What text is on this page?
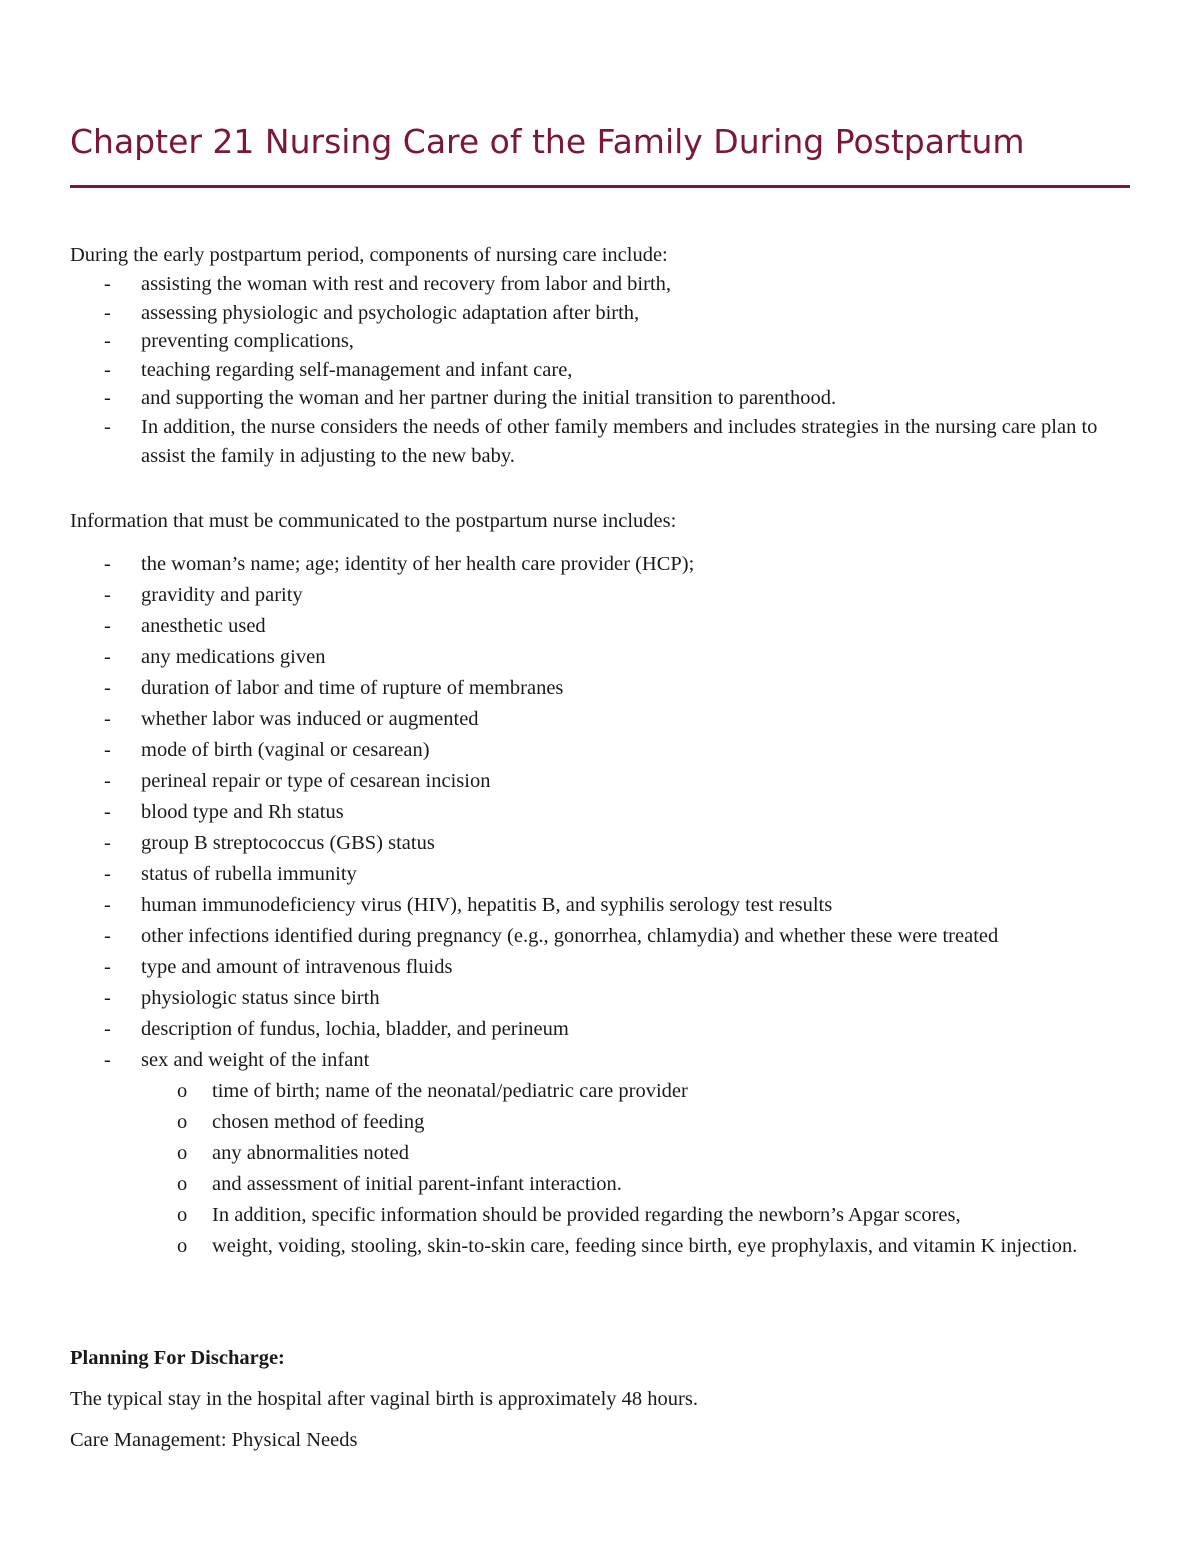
Chapter 21 Nursing Care of the Family During Postpartum

During the early postpartum period, components of nursing care include:

- assisting the woman with rest and recovery from labor and birth,
- assessing physiologic and psychologic adaptation after birth,
- preventing complications,
- teaching regarding self-management and infant care,
- and supporting the woman and her partner during the initial transition to parenthood.
- In addition, the nurse considers the needs of other family members and includes strategies in the nursing care plan to assist the family in adjusting to the new baby.

Information that must be communicated to the postpartum nurse includes:

- the woman’s name; age; identity of her health care provider (HCP);
- gravidity and parity
- anesthetic used
- any medications given
- duration of labor and time of rupture of membranes
- whether labor was induced or augmented
- mode of birth (vaginal or cesarean)
- perineal repair or type of cesarean incision
- blood type and Rh status
- group B streptococcus (GBS) status
- status of rubella immunity
- human immunodeficiency virus (HIV), hepatitis B, and syphilis serology test results
- other infections identified during pregnancy (e.g., gonorrhea, chlamydia) and whether these were treated
- type and amount of intravenous fluids
- physiologic status since birth
- description of fundus, lochia, bladder, and perineum
- sex and weight of the infant
o time of birth; name of the neonatal/pediatric care provider
o chosen method of feeding
o any abnormalities noted
o and assessment of initial parent-infant interaction.
o In addition, specific information should be provided regarding the newborn’s Apgar scores,
o weight, voiding, stooling, skin-to-skin care, feeding since birth, eye prophylaxis, and vitamin K injection.

Planning For Discharge:

The typical stay in the hospital after vaginal birth is approximately 48 hours.

Care Management: Physical Needs
